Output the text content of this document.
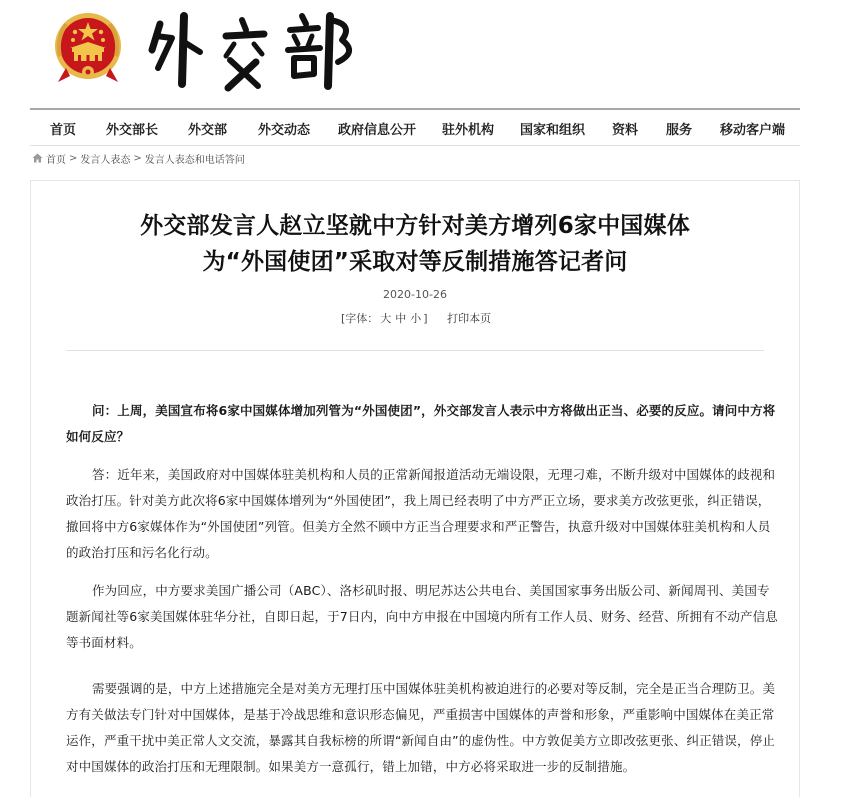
首页 外交部长 外交部 外交动态 政府信息公开 驻外机构 国家和组织 资料 服务 移动客户端
首页 > 发言人表态 > 发言人表态和电话答问
外交部发言人赵立坚就中方针对美方增列6家中国媒体
为“外国使团”采取对等反制措施答记者问
2020-10-26
[字体： 大 中 小 ] 打印本页

问：上周，美国宣布将6家中国媒体增加列管为“外国使团”，外交部发言人表示中方将做出正当、必要的反应。请问中方将如何反应？

答：近年来，美国政府对中国媒体驻美机构和人员的正常新闻报道活动无端设限，无理刁难，不断升级对中国媒体的歧视和政治打压。针对美方此次将6家中国媒体增列为“外国使团”，我上周已经表明了中方严正立场，要求美方改弦更张，纠正错误，撤回将中方6家媒体作为“外国使团”列管。但美方全然不顾中方正当合理要求和严正警告，执意升级对中国媒体驻美机构和人员的政治打压和污名化行动。

作为回应，中方要求美国广播公司（ABC）、洛杉矶时报、明尼苏达公共电台、美国国家事务出版公司、新闻周刊、美国专题新闻社等6家美国媒体驻华分社，自即日起，于7日内，向中方申报在中国境内所有工作人员、财务、经营、所拥有不动产信息等书面材料。

需要强调的是，中方上述措施完全是对美方无理打压中国媒体驻美机构被迫进行的必要对等反制，完全是正当合理防卫。美方有关做法专门针对中国媒体，是基于冷战思维和意识形态偏见，严重损害中国媒体的声誉和形象，严重影响中国媒体在美正常运作，严重干扰中美正常人文交流，暴露其自我标榜的所谓“新闻自由”的虚伪性。中方敦促美方立即改弦更张、纠正错误，停止对中国媒体的政治打压和无理限制。如果美方一意孤行，错上加错，中方必将采取进一步的反制措施。
